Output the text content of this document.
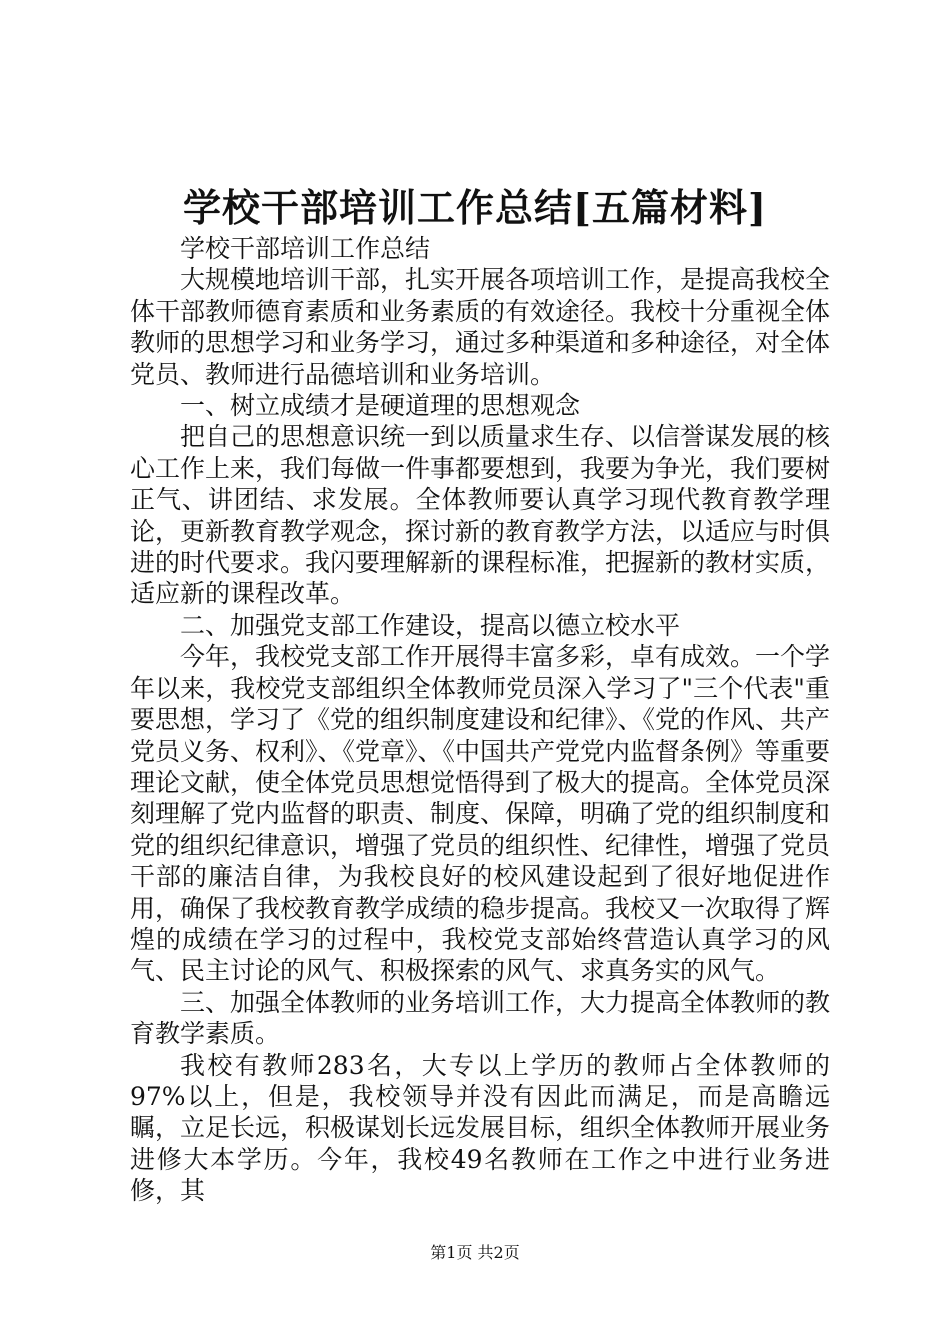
学校干部培训工作总结[五篇材料]

学校干部培训工作总结

大规模地培训干部，扎实开展各项培训工作，是提高我校全体干部教师德育素质和业务素质的有效途径。我校十分重视全体教师的思想学习和业务学习，通过多种渠道和多种途径，对全体党员、教师进行品德培训和业务培训。

一、树立成绩才是硬道理的思想观念

把自己的思想意识统一到以质量求生存、以信誉谋发展的核心工作上来，我们每做一件事都要想到，我要为争光，我们要树正气、讲团结、求发展。全体教师要认真学习现代教育教学理论，更新教育教学观念，探讨新的教育教学方法，以适应与时俱进的时代要求。我闪要理解新的课程标准，把握新的教材实质，适应新的课程改革。

二、加强党支部工作建设，提高以德立校水平

今年，我校党支部工作开展得丰富多彩，卓有成效。一个学年以来，我校党支部组织全体教师党员深入学习了"三个代表"重要思想，学习了《党的组织制度建设和纪律》、《党的作风、共产党员义务、权利》、《党章》、《中国共产党党内监督条例》等重要理论文献，使全体党员思想觉悟得到了极大的提高。全体党员深刻理解了党内监督的职责、制度、保障，明确了党的组织制度和党的组织纪律意识，增强了党员的组织性、纪律性，增强了党员干部的廉洁自律，为我校良好的校风建设起到了很好地促进作用，确保了我校教育教学成绩的稳步提高。我校又一次取得了辉煌的成绩在学习的过程中，我校党支部始终营造认真学习的风气、民主讨论的风气、积极探索的风气、求真务实的风气。

三、加强全体教师的业务培训工作，大力提高全体教师的教育教学素质。

我校有教师283名，大专以上学历的教师占全体教师的97%以上，但是，我校领导并没有因此而满足，而是高瞻远瞩，立足长远，积极谋划长远发展目标，组织全体教师开展业务进修大本学历。今年，我校49名教师在工作之中进行业务进修，其

第1页 共2页
